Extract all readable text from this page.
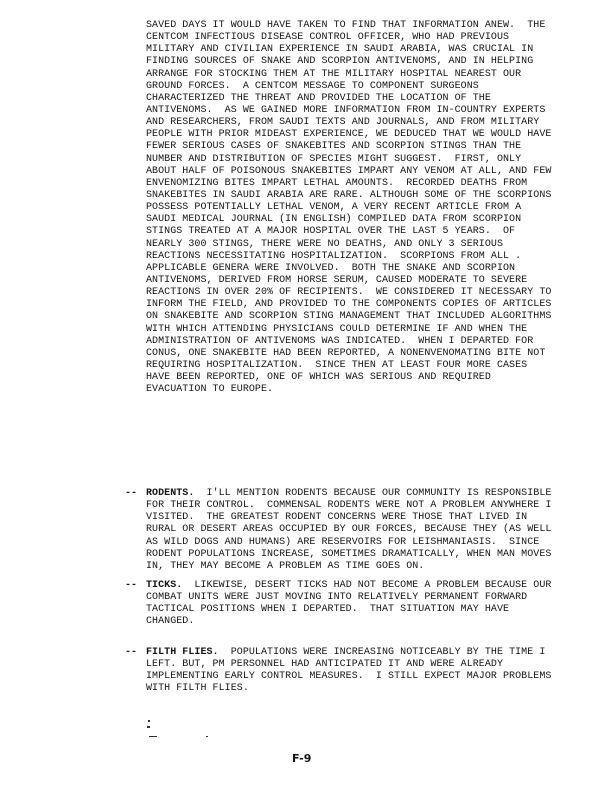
SAVED DAYS IT WOULD HAVE TAKEN TO FIND THAT INFORMATION ANEW.  THE
CENTCOM INFECTIOUS DISEASE CONTROL OFFICER, WHO HAD PREVIOUS
MILITARY AND CIVILIAN EXPERIENCE IN SAUDI ARABIA, WAS CRUCIAL IN
FINDING SOURCES OF SNAKE AND SCORPION ANTIVENOMS, AND IN HELPING
ARRANGE FOR STOCKING THEM AT THE MILITARY HOSPITAL NEAREST OUR
GROUND FORCES.  A CENTCOM MESSAGE TO COMPONENT SURGEONS
CHARACTERIZED THE THREAT AND PROVIDED THE LOCATION OF THE
ANTIVENOMS.  AS WE GAINED MORE INFORMATION FROM IN-COUNTRY EXPERTS
AND RESEARCHERS, FROM SAUDI TEXTS AND JOURNALS, AND FROM MILITARY
PEOPLE WITH PRIOR MIDEAST EXPERIENCE, WE DEDUCED THAT WE WOULD HAVE
FEWER SERIOUS CASES OF SNAKEBITES AND SCORPION STINGS THAN THE
NUMBER AND DISTRIBUTION OF SPECIES MIGHT SUGGEST.  FIRST, ONLY
ABOUT HALF OF POISONOUS SNAKEBITES IMPART ANY VENOM AT ALL, AND FEW
ENVENOMIZING BITES IMPART LETHAL AMOUNTS.  RECORDED DEATHS FROM
SNAKEBITES IN SAUDI ARABIA ARE RARE. ALTHOUGH SOME OF THE SCORPIONS
POSSESS POTENTIALLY LETHAL VENOM, A VERY RECENT ARTICLE FROM A
SAUDI MEDICAL JOURNAL (IN ENGLISH) COMPILED DATA FROM SCORPION
STINGS TREATED AT A MAJOR HOSPITAL OVER THE LAST 5 YEARS.  OF
NEARLY 300 STINGS, THERE WERE NO DEATHS, AND ONLY 3 SERIOUS
REACTIONS NECESSITATING HOSPITALIZATION.  SCORPIONS FROM ALL .
APPLICABLE GENERA WERE INVOLVED.  BOTH THE SNAKE AND SCORPION
ANTIVENOMS, DERIVED FROM HORSE SERUM, CAUSED MODERATE TO SEVERE
REACTIONS IN OVER 20% OF RECIPIENTS.  WE CONSIDERED IT NECESSARY TO
INFORM THE FIELD, AND PROVIDED TO THE COMPONENTS COPIES OF ARTICLES
ON SNAKEBITE AND SCORPION STING MANAGEMENT THAT INCLUDED ALGORITHMS
WITH WHICH ATTENDING PHYSICIANS COULD DETERMINE IF AND WHEN THE
ADMINISTRATION OF ANTIVENOMS WAS INDICATED.  WHEN I DEPARTED FOR
CONUS, ONE SNAKEBITE HAD BEEN REPORTED, A NONENVENOMATING BITE NOT
REQUIRING HOSPITALIZATION.  SINCE THEN AT LEAST FOUR MORE CASES
HAVE BEEN REPORTED, ONE OF WHICH WAS SERIOUS AND REQUIRED
EVACUATION TO EUROPE.
-- RODENTS.  I'LL MENTION RODENTS BECAUSE OUR COMMUNITY IS RESPONSIBLE
FOR THEIR CONTROL.  COMMENSAL RODENTS WERE NOT A PROBLEM ANYWHERE I
VISITED.  THE GREATEST RODENT CONCERNS WERE THOSE THAT LIVED IN
RURAL OR DESERT AREAS OCCUPIED BY OUR FORCES, BECAUSE THEY (AS WELL
AS WILD DOGS AND HUMANS) ARE RESERVOIRS FOR LEISHMANIASIS.  SINCE
RODENT POPULATIONS INCREASE, SOMETIMES DRAMATICALLY, WHEN MAN MOVES
IN, THEY MAY BECOME A PROBLEM AS TIME GOES ON.
-- TICKS.  LIKEWISE, DESERT TICKS HAD NOT BECOME A PROBLEM BECAUSE OUR
COMBAT UNITS WERE JUST MOVING INTO RELATIVELY PERMANENT FORWARD
TACTICAL POSITIONS WHEN I DEPARTED.  THAT SITUATION MAY HAVE
CHANGED.
-- FILTH FLIES.  POPULATIONS WERE INCREASING NOTICEABLY BY THE TIME I
LEFT. BUT, PM PERSONNEL HAD ANTICIPATED IT AND WERE ALREADY
IMPLEMENTING EARLY CONTROL MEASURES.  I STILL EXPECT MAJOR PROBLEMS
WITH FILTH FLIES.
F-9
